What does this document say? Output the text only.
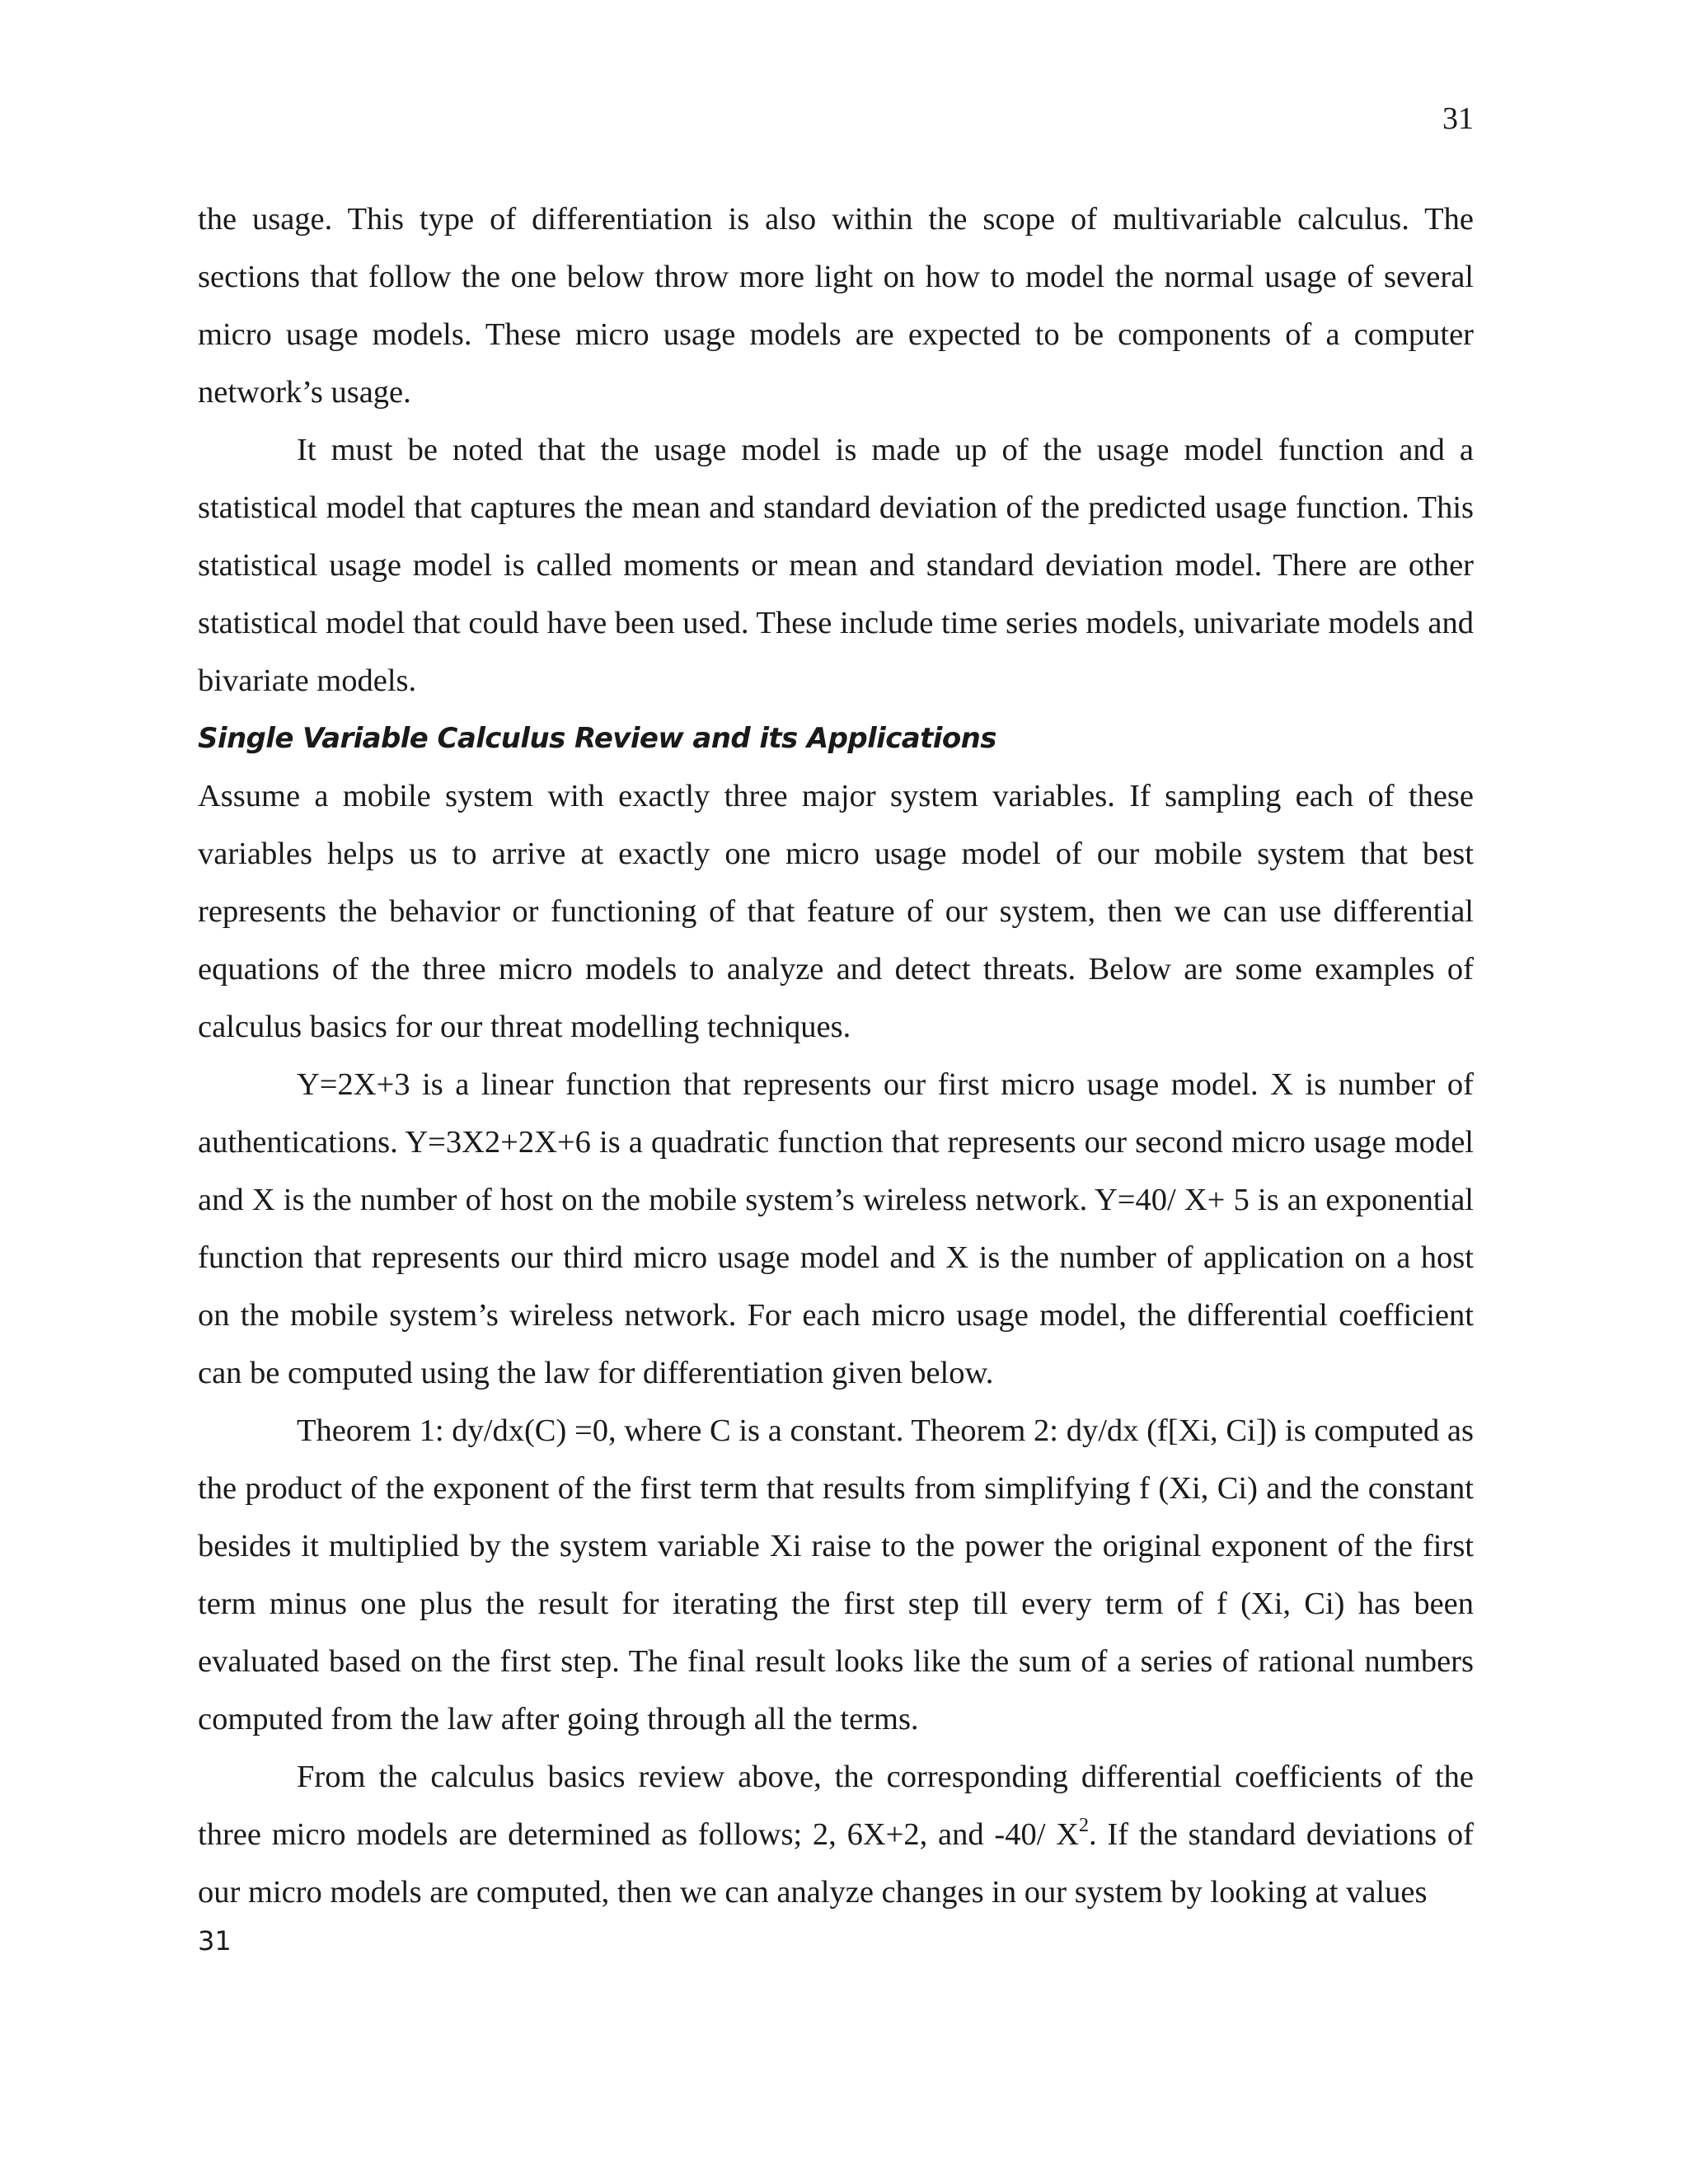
31

the usage. This type of differentiation is also within the scope of multivariable calculus. The sections that follow the one below throw more light on how to model the normal usage of several micro usage models. These micro usage models are expected to be components of a computer network’s usage.

It must be noted that the usage model is made up of the usage model function and a statistical model that captures the mean and standard deviation of the predicted usage function. This statistical usage model is called moments or mean and standard deviation model. There are other statistical model that could have been used. These include time series models, univariate models and bivariate models.

Single Variable Calculus Review and its Applications

Assume a mobile system with exactly three major system variables. If sampling each of these variables helps us to arrive at exactly one micro usage model of our mobile system that best represents the behavior or functioning of that feature of our system, then we can use differential equations of the three micro models to analyze and detect threats. Below are some examples of calculus basics for our threat modelling techniques.

Y=2X+3 is a linear function that represents our first micro usage model. X is number of authentications. Y=3X2+2X+6 is a quadratic function that represents our second micro usage model and X is the number of host on the mobile system’s wireless network. Y=40/ X+ 5 is an exponential function that represents our third micro usage model and X is the number of application on a host on the mobile system’s wireless network. For each micro usage model, the differential coefficient can be computed using the law for differentiation given below.

Theorem 1: dy/dx(C) =0, where C is a constant. Theorem 2: dy/dx (f[Xi, Ci]) is computed as the product of the exponent of the first term that results from simplifying f (Xi, Ci) and the constant besides it multiplied by the system variable Xi raise to the power the original exponent of the first term minus one plus the result for iterating the first step till every term of f (Xi, Ci) has been evaluated based on the first step. The final result looks like the sum of a series of rational numbers computed from the law after going through all the terms.

From the calculus basics review above, the corresponding differential coefficients of the three micro models are determined as follows; 2, 6X+2, and -40/ $X^2$. If the standard deviations of our micro models are computed, then we can analyze changes in our system by looking at values

31
